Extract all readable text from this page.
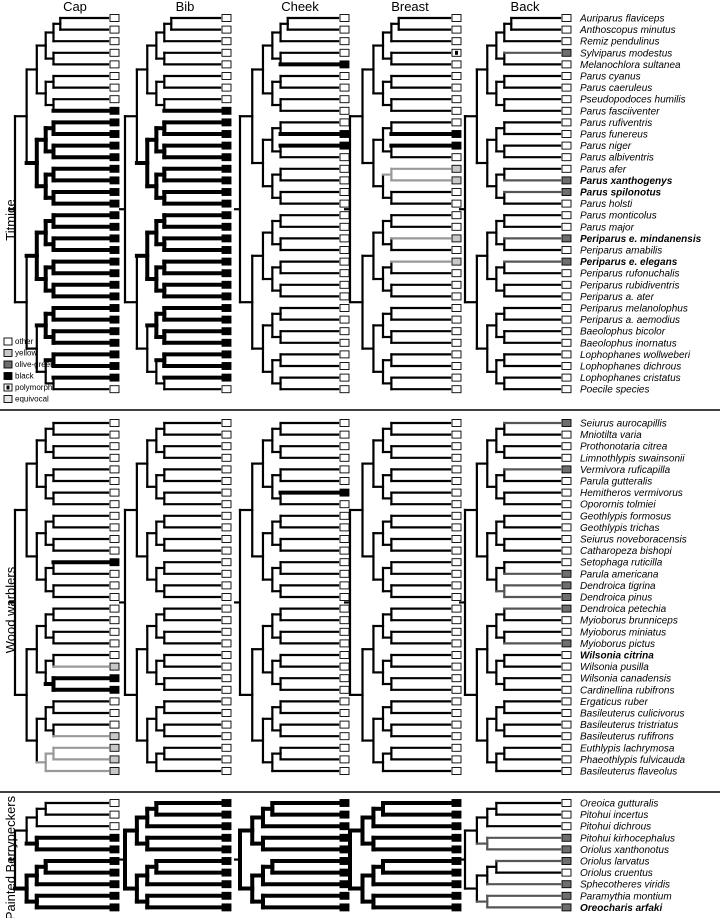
Cap	Bib	Cheek	Breast	Back
Auriparus flaviceps
Anthoscopus minutus
Remiz pendulinus
Sylviparus modestus
Melanochlora sultanea
Parus cyanus
Parus caeruleus
Pseudopodoces humilis
Parus fasciiventer
Parus rufiventris
Parus funereus
Parus niger
Parus albiventris
Parus afer
Parus xanthogenys
Parus spilonotus
Parus holsti
Parus monticolus
Parus major
Periparus e. mindanensis
Periparus amabilis
Periparus e. elegans
Periparus rufonuchalis
Periparus rubidiventris
Periparus a. ater
Periparus melanolophus
Periparus a. aemodius
Baeolophus bicolor
Baeolophus inornatus
Lophophanes wollweberi
Lophophanes dichrous
Lophophanes cristatus
Poecile species
Seiurus aurocapillis
Mniotilta varia
Prothonotaria citrea
Limnothlypis swainsonii
Vermivora ruficapilla
Parula gutteralis
Hemitheros vermivorus
Oporornis tolmiei
Geothlypis formosus
Geothlypis trichas
Seiurus noveboracensis
Catharopeza bishopi
Setophaga ruticilla
Parula americana
Dendroica tigrina
Dendroica pinus
Dendroica petechia
Myioborus brunniceps
Myioborus miniatus
Myioborus pictus
Wilsonia citrina
Wilsonia pusilla
Wilsonia canadensis
Cardinellina rubifrons
Ergaticus ruber
Basileuterus culicivorus
Basileuterus tristriatus
Basileuterus rufifrons
Euthlypis lachrymosa
Phaeothlypis fulvicauda
Basileuterus flaveolus
Oreoica gutturalis
Pitohui incertus
Pitohui dichrous
Pitohui kirhocephalus
Oriolus xanthonotus
Oriolus larvatus
Oriolus cruentus
Sphecotheres viridis
Paramythia montium
Oreocharis arfaki
Titmice
Wood warblers
Painted Berrypeckers
other
yellow
olive-green
black
polymorph
equivocal
